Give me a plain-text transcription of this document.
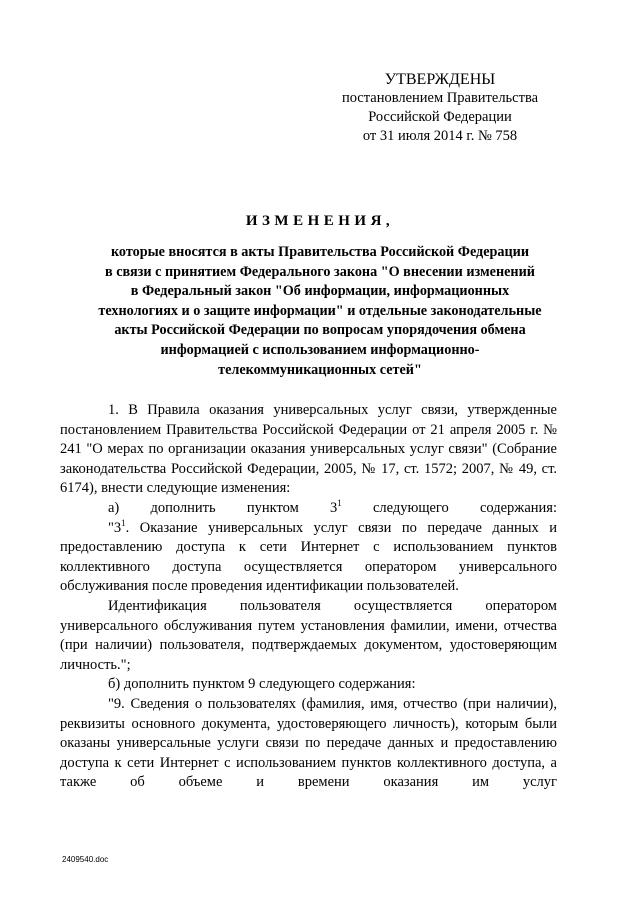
УТВЕРЖДЕНЫ
постановлением Правительства
Российской Федерации
от 31 июля 2014 г. № 758
ИЗМЕНЕНИЯ,
которые вносятся в акты Правительства Российской Федерации
в связи с принятием Федерального закона "О внесении изменений
в Федеральный закон "Об информации, информационных
технологиях и о защите информации" и отдельные законодательные
акты Российской Федерации по вопросам упорядочения обмена
информацией с использованием информационно-
телекоммуникационных сетей"

1. В Правила оказания универсальных услуг связи, утвержденные постановлением Правительства Российской Федерации от 21 апреля 2005 г. № 241 "О мерах по организации оказания универсальных услуг связи" (Собрание законодательства Российской Федерации, 2005, № 17, ст. 1572; 2007, № 49, ст. 6174), внести следующие изменения:

а) дополнить пунктом $3^1$ следующего содержания:

"$3^1$. Оказание универсальных услуг связи по передаче данных и предоставлению доступа к сети Интернет с использованием пунктов коллективного доступа осуществляется оператором универсального обслуживания после проведения идентификации пользователей.

Идентификация пользователя осуществляется оператором универсального обслуживания путем установления фамилии, имени, отчества (при наличии) пользователя, подтверждаемых документом, удостоверяющим личность.";

б) дополнить пунктом 9 следующего содержания:

"9. Сведения о пользователях (фамилия, имя, отчество (при наличии), реквизиты основного документа, удостоверяющего личность), которым были оказаны универсальные услуги связи по передаче данных и предоставлению доступа к сети Интернет с использованием пунктов коллективного доступа, а также об объеме и времени оказания им услуг

2409540.doc
